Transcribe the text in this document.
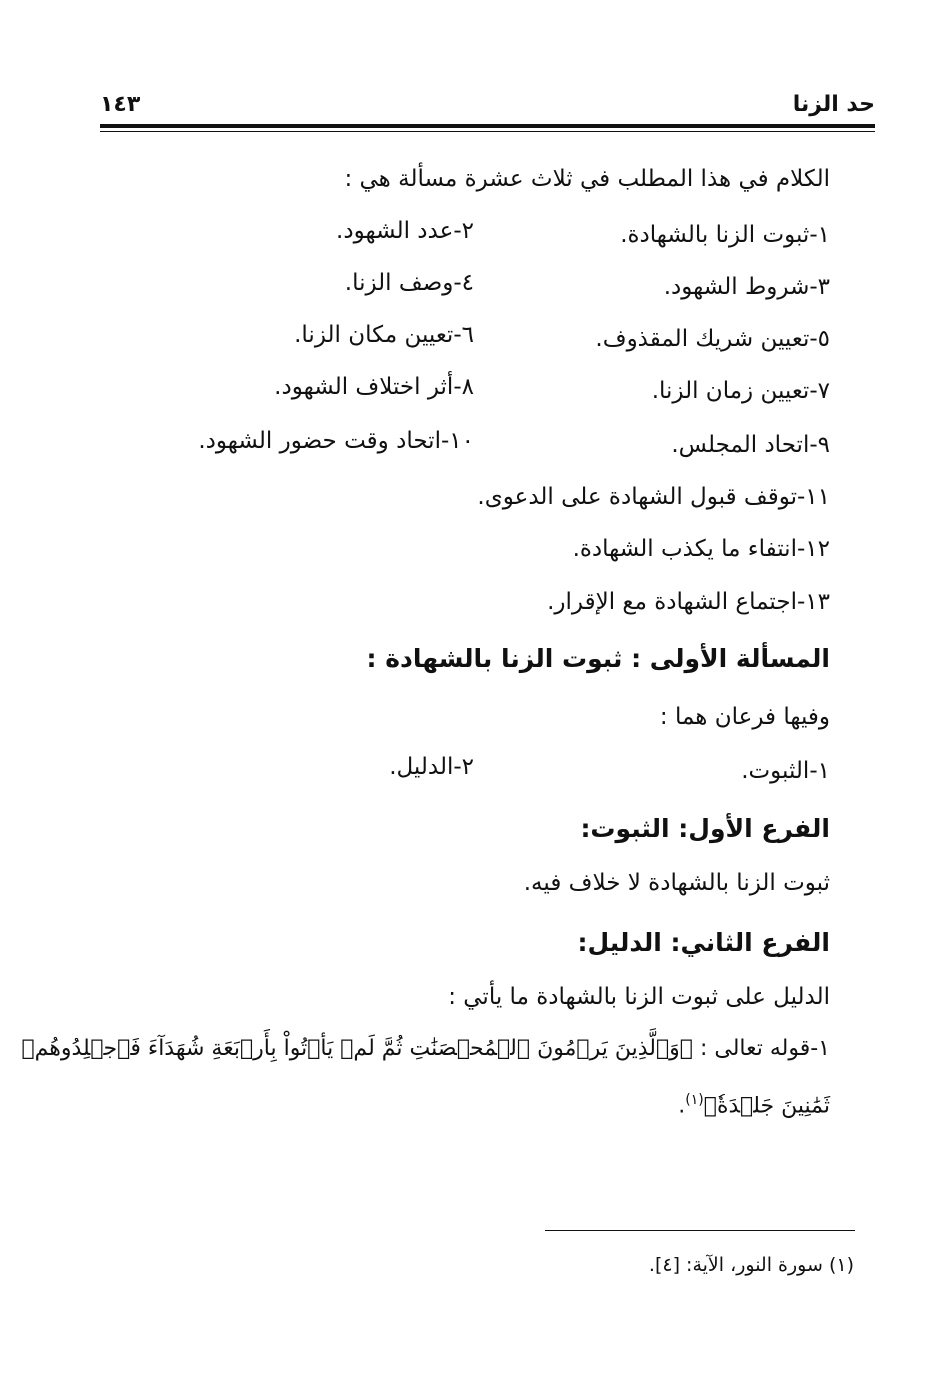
حد الزنا
١٤٣
الكلام في هذا المطلب في ثلاث عشرة مسألة هي :
١-ثبوت الزنا بالشهادة.
٢-عدد الشهود.
٣-شروط الشهود.
٤-وصف الزنا.
٥-تعيين شريك المقذوف.
٦-تعيين مكان الزنا.
٧-تعيين زمان الزنا.
٨-أثر اختلاف الشهود.
٩-اتحاد المجلس.
١٠-اتحاد وقت حضور الشهود.
١١-توقف قبول الشهادة على الدعوى.
١٢-انتفاء ما يكذب الشهادة.
١٣-اجتماع الشهادة مع الإقرار.
المسألة الأولى : ثبوت الزنا بالشهادة :
وفيها فرعان هما :
١-الثبوت.
٢-الدليل.
الفرع الأول: الثبوت:
ثبوت الزنا بالشهادة لا خلاف فيه.
الفرع الثاني: الدليل:
الدليل على ثبوت الزنا بالشهادة ما يأتي :
١-قوله تعالى : ﴿وَٱلَّذِينَ يَرۡمُونَ ٱلۡمُحۡصَنَٰتِ ثُمَّ لَمۡ يَأۡتُواْ بِأَرۡبَعَةِ شُهَدَآءَ فَٱجۡلِدُوهُمۡ
ثَمَٰنِينَ جَلۡدَةٗ﴾$^{(١)}$.
(١) سورة النور، الآية: [٤].
